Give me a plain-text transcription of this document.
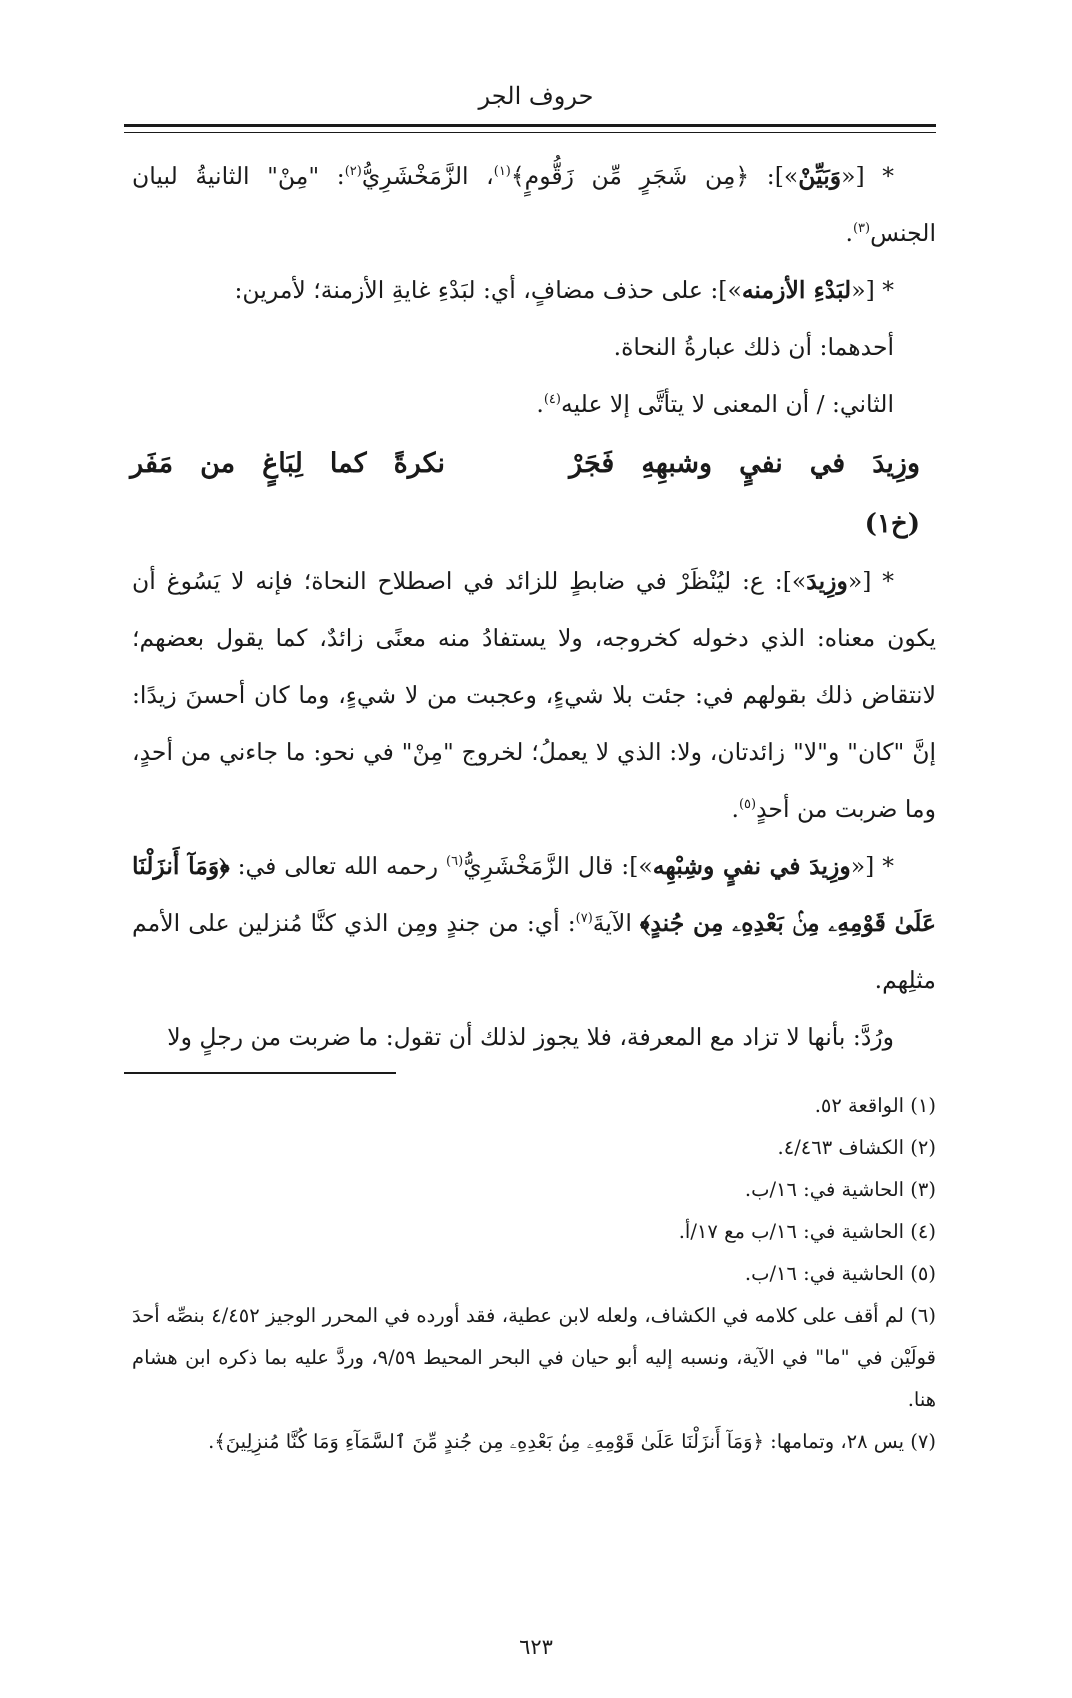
حروف الجر

* [«وَبَيِّنْ»]: ﴿مِن شَجَرٍ مِّن زَقُّومٍ﴾$^{(١)}$، الزَّمَخْشَرِيُّ$^{(٢)}$: "مِنْ" الثانيةُ لبيان الجنس$^{(٣)}$.

* [«لبَدْءِ الأزمنه»]: على حذف مضافٍ، أي: لبَدْءِ غايةِ الأزمنة؛ لأمرين:

أحدهما: أن ذلك عبارةُ النحاة.

الثاني: / أن المعنى لا يتأتَّى إلا عليه$^{(٤)}$.

وزِيدَ
في
نفيٍ
وشبهِهِ
فَجَرْ
نكرةً
كما
لِبَاغٍ
من
مَفَر

(خ١)

* [«وزِيدَ»]: ع: ليُنْظَرْ في ضابطٍ للزائد في اصطلاح النحاة؛ فإنه لا يَسُوغ أن يكون معناه: الذي دخوله كخروجه، ولا يستفادُ منه معنًى زائدٌ، كما يقول بعضهم؛ لانتقاض ذلك بقولهم في: جئت بلا شيءٍ، وعجبت من لا شيءٍ، وما كان أحسنَ زيدًا: إنَّ "كان" و"لا" زائدتان، ولا: الذي لا يعملُ؛ لخروج "مِنْ" في نحو: ما جاءني من أحدٍ، وما ضربت من أحدٍ$^{(٥)}$.

* [«وزِيدَ في نفيٍ وشِبْهِه»]: قال الزَّمَخْشَرِيُّ$^{(٦)}$ رحمه الله تعالى في: ﴿وَمَآ أَنزَلْنَا عَلَىٰ قَوْمِهِۦ مِنۢ بَعْدِهِۦ مِن جُندٍ﴾ الآيةَ$^{(٧)}$: أي: من جندٍ ومِن الذي كنَّا مُنزلين على الأمم مثلِهم.

ورُدَّ: بأنها لا تزاد مع المعرفة، فلا يجوز لذلك أن تقول: ما ضربت من رجلٍ ولا

(١) الواقعة ٥٢.

(٢) الكشاف ٤/٤٦٣.

(٣) الحاشية في: ١٦/ب.

(٤) الحاشية في: ١٦/ب مع ١٧/أ.

(٥) الحاشية في: ١٦/ب.

(٦) لم أقف على كلامه في الكشاف، ولعله لابن عطية، فقد أورده في المحرر الوجيز ٤/٤٥٢ بنصِّه أحدَ قولَيْن في "ما" في الآية، ونسبه إليه أبو حيان في البحر المحيط ٩/٥٩، وردَّ عليه بما ذكره ابن هشام هنا.

(٧) يس ٢٨، وتمامها: ﴿وَمَآ أَنزَلْنَا عَلَىٰ قَوْمِهِۦ مِنۢ بَعْدِهِۦ مِن جُندٍ مِّنَ ٱلسَّمَآءِ وَمَا كُنَّا مُنزِلِينَ﴾.

٦٢٣
